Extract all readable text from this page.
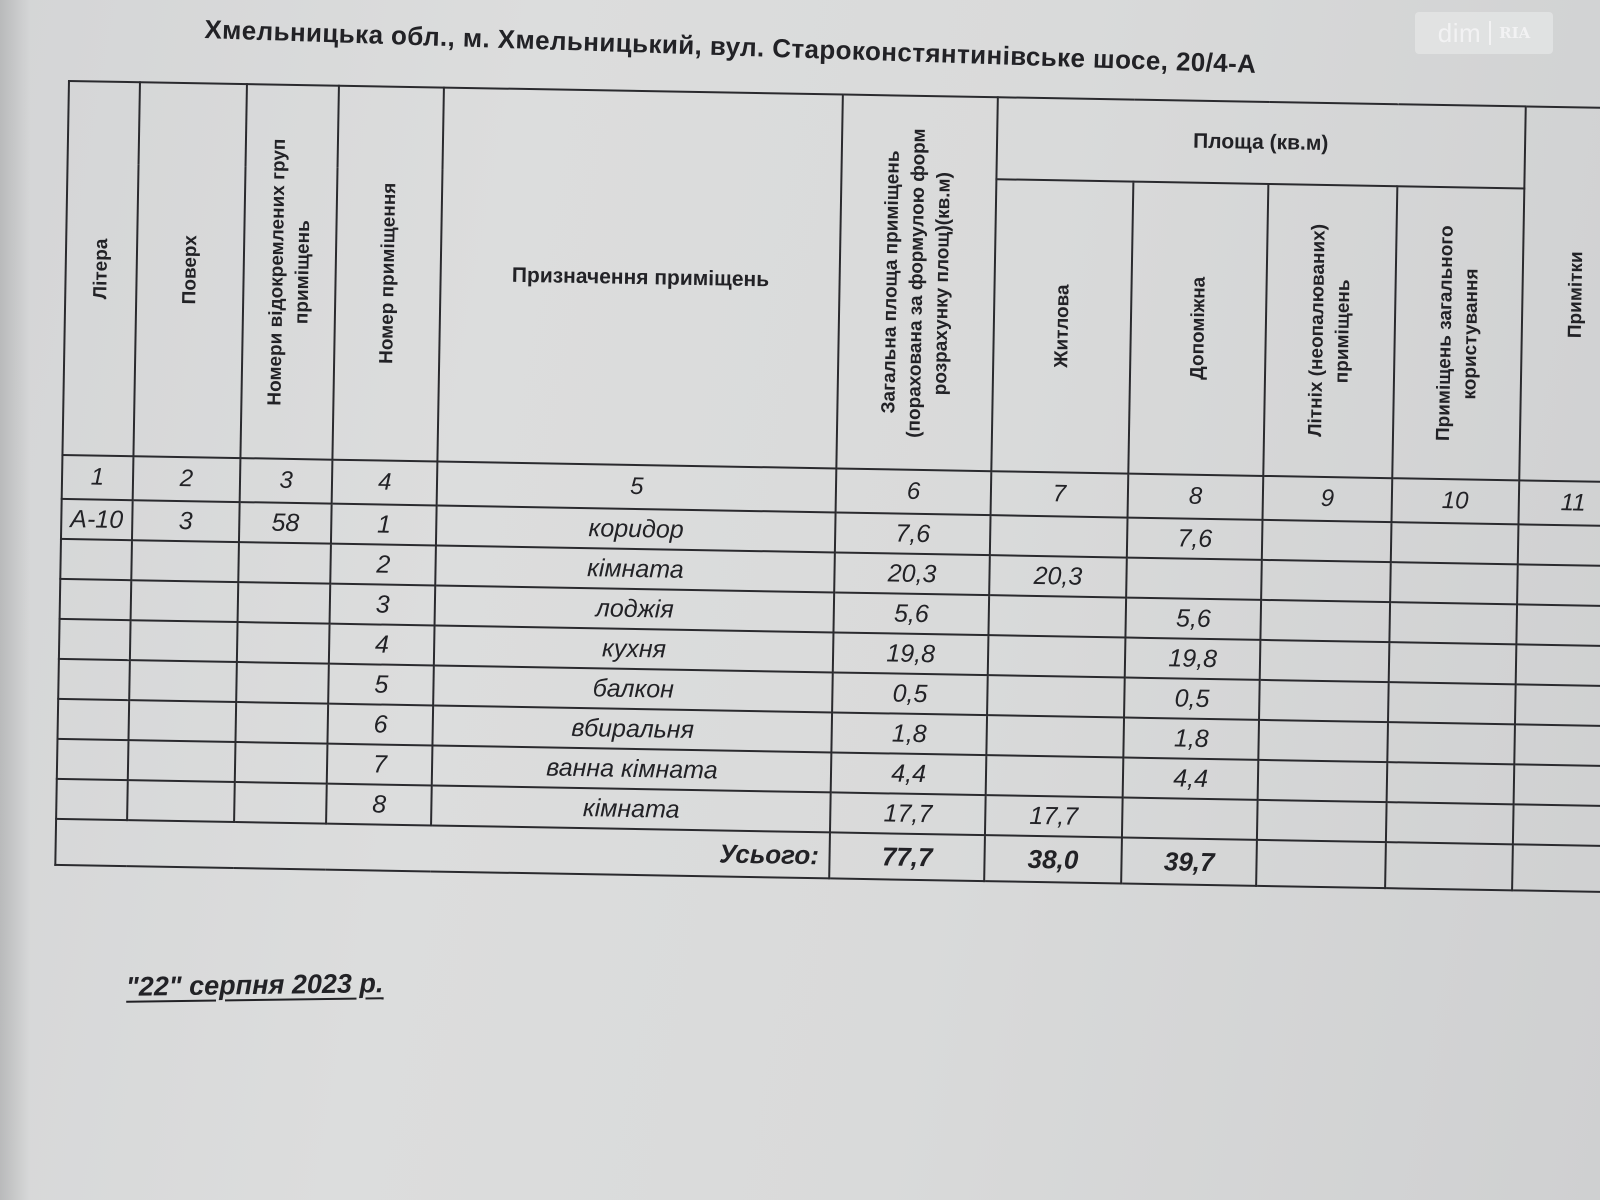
Хмельницька обл., м. Хмельницький, вул. Староконстянтинівське шосе, 20/4-А	dim	RIA
Літера	Поверх	Номери відокремлених груп приміщень	Номер приміщення	Призначення приміщень	Загальна площа приміщень (порахована за формулою форм розрахунку площ)(кв.м)	Площа (кв.м)				Примітки

						Житлова	Допоміжна	Літніх (неопалюваних) приміщень	Приміщень загального користування	

1	2	3	4	5	6	7	8	9	10	11
А-10	3	58	1	коридор	7,6		7,6			
			2	кімната	20,3	20,3				
			3	лоджія	5,6		5,6			
			4	кухня	19,8		19,8			
			5	балкон	0,5		0,5			
			6	вбиральня	1,8		1,8			
			7	ванна кімната	4,4		4,4			
			8	кімната	17,7	17,7				
Усього:					77,7	38,0	39,7			
"22" серпня 2023 р.
